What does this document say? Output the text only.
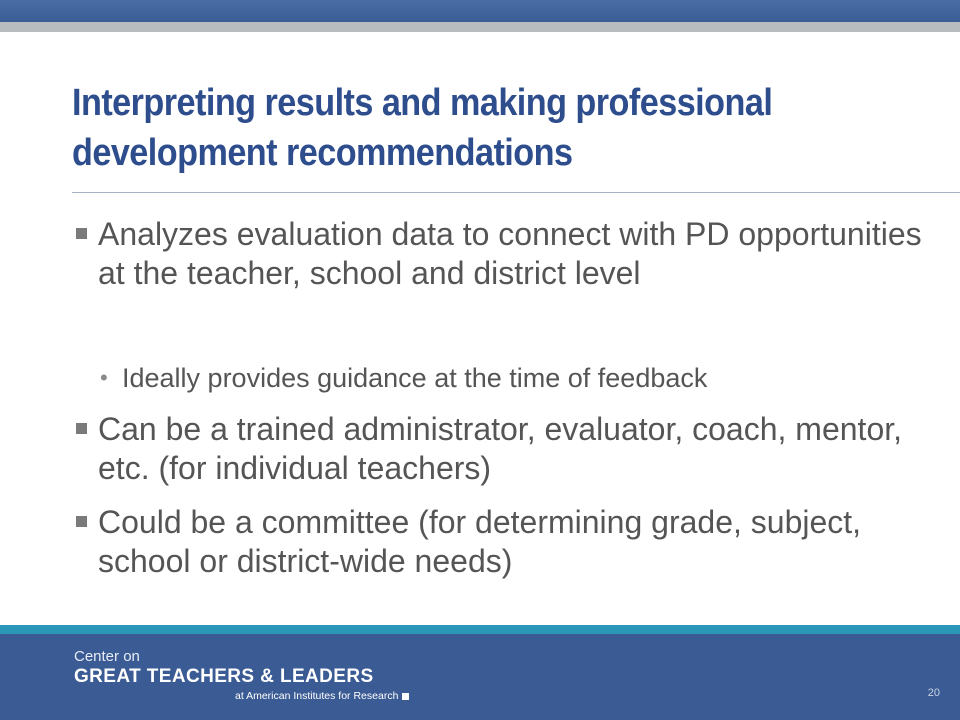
Interpreting results and making professional development recommendations
Analyzes evaluation data to connect with PD opportunities at the teacher, school and district level
• Ideally provides guidance at the time of feedback
Can be a trained administrator, evaluator, coach, mentor, etc. (for individual teachers)
Could be a committee (for determining grade, subject, school or district-wide needs)
Center on
GREAT TEACHERS & LEADERS
at American Institutes for Research	20
